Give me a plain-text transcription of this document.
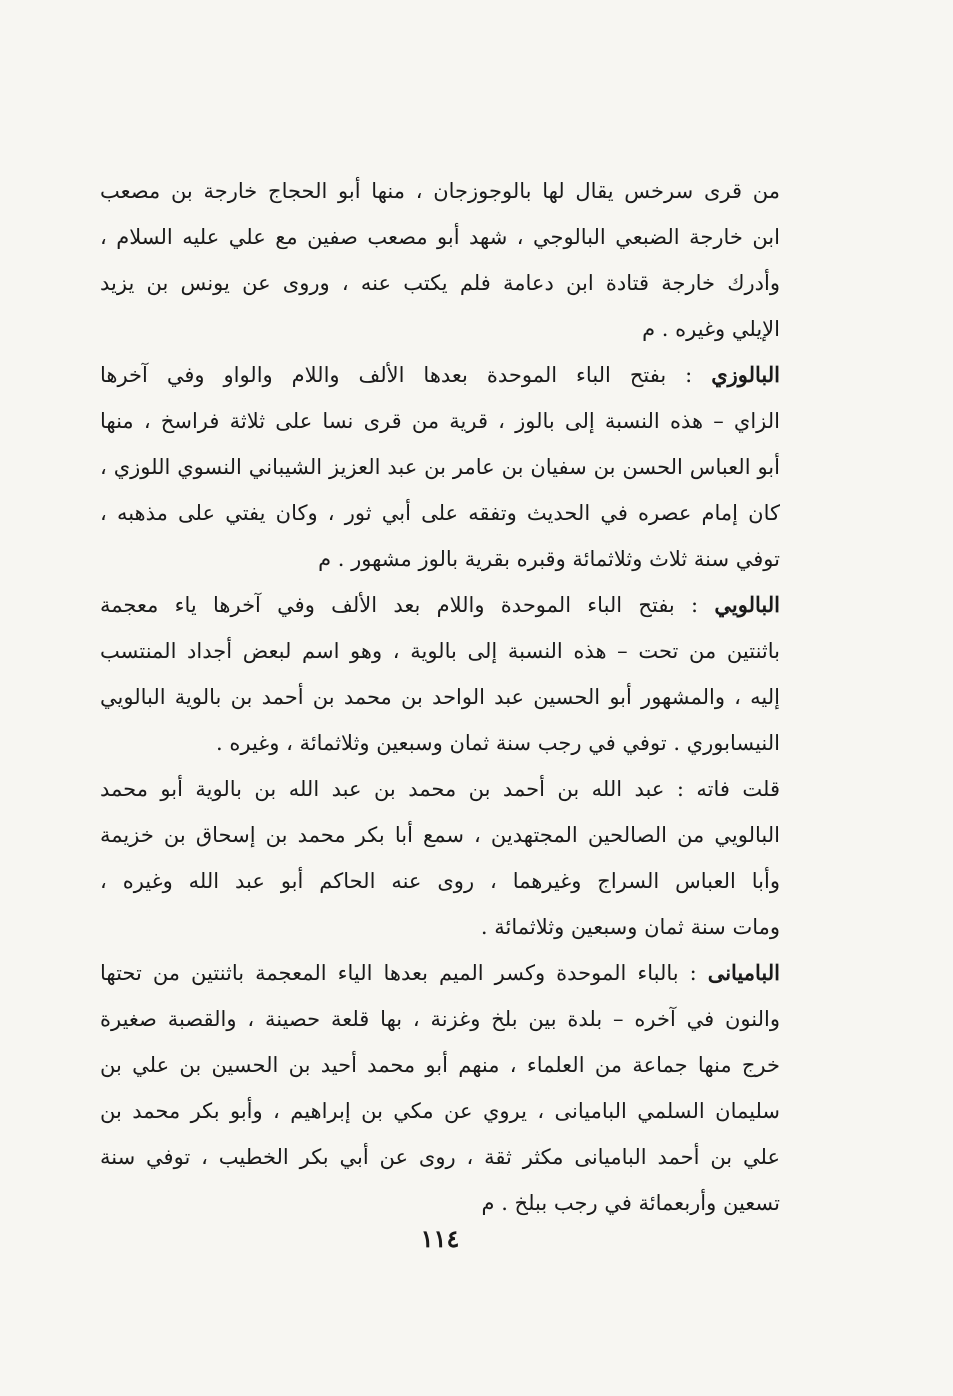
من قرى سرخس يقال لها بالوجوزجان ، منها أبو الحجاج خارجة بن مصعب
ابن خارجة الضبعي البالوجي ، شهد أبو مصعب صفين مع علي عليه السلام ،
وأدرك خارجة قتادة ابن دعامة فلم يكتب عنه ، وروى عن يونس بن يزيد
الإيلي وغيره . م
البالوزي : بفتح الباء الموحدة بعدها الألف واللام والواو وفي آخرها
الزاي – هذه النسبة إلى بالوز ، قرية من قرى نسا على ثلاثة فراسخ ، منها
أبو العباس الحسن بن سفيان بن عامر بن عبد العزيز الشيباني النسوي اللوزي ،
كان إمام عصره في الحديث وتفقه على أبي ثور ، وكان يفتي على مذهبه ،
توفي سنة ثلاث وثلاثمائة وقبره بقرية بالوز مشهور . م
البالويي : بفتح الباء الموحدة واللام بعد الألف وفي آخرها ياء معجمة
باثنتين من تحت – هذه النسبة إلى بالوية ، وهو اسم لبعض أجداد المنتسب
إليه ، والمشهور أبو الحسين عبد الواحد بن محمد بن أحمد بن بالوية البالويي
النيسابوري . توفي في رجب سنة ثمان وسبعين وثلاثمائة ، وغيره .
قلت فاته : عبد الله بن أحمد بن محمد بن عبد الله بن بالوية أبو محمد
البالويي من الصالحين المجتهدين ، سمع أبا بكر محمد بن إسحاق بن خزيمة
وأبا العباس السراج وغيرهما ، روى عنه الحاكم أبو عبد الله وغيره ،
ومات سنة ثمان وسبعين وثلاثمائة .
الباميانى : بالباء الموحدة وكسر الميم بعدها الياء المعجمة باثنتين من تحتها
والنون في آخره – بلدة بين بلخ وغزنة ، بها قلعة حصينة ، والقصبة صغيرة
خرج منها جماعة من العلماء ، منهم أبو محمد أحيد بن الحسين بن علي بن
سليمان السلمي الباميانى ، يروي عن مكي بن إبراهيم ، وأبو بكر محمد بن
علي بن أحمد الباميانى مكثر ثقة ، روى عن أبي بكر الخطيب ، توفي سنة
تسعين وأربعمائة في رجب ببلخ . م
١١٤
